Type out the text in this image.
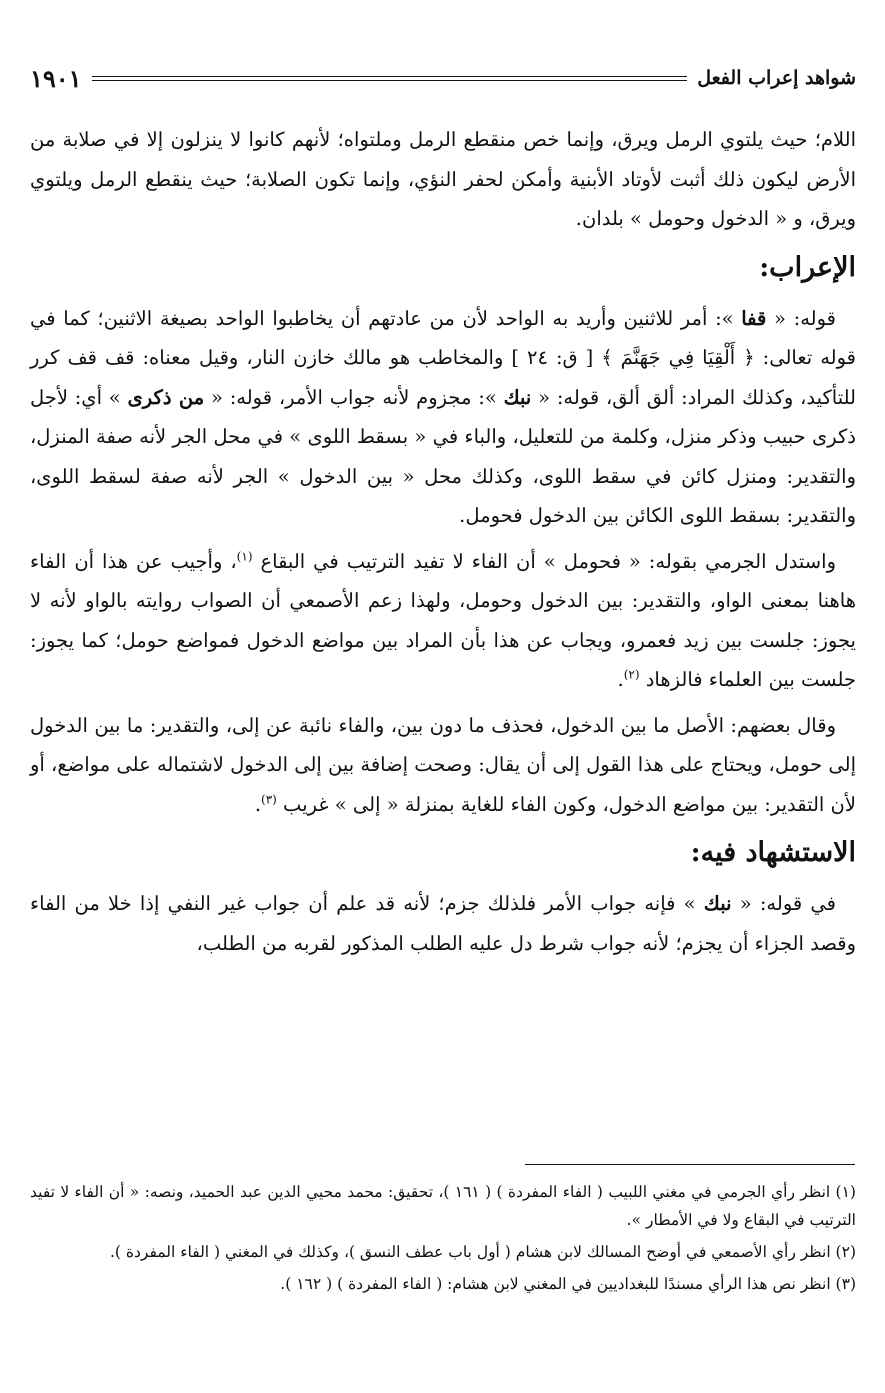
شواهد إعراب الفعل
١٩٠١

اللام؛ حيث يلتوي الرمل ويرق، وإنما خص منقطع الرمل وملتواه؛ لأنهم كانوا لا ينزلون إلا في صلابة من الأرض ليكون ذلك أثبت لأوتاد الأبنية وأمكن لحفر النؤي، وإنما تكون الصلابة؛ حيث ينقطع الرمل ويلتوي ويرق، و « الدخول وحومل » بلدان.

الإعراب:

قوله: « قفا »: أمر للاثنين وأريد به الواحد لأن من عادتهم أن يخاطبوا الواحد بصيغة الاثنين؛ كما في قوله تعالى: ﴿ أَلْقِيَا فِي جَهَنَّمَ ﴾ [ ق: ٢٤ ] والمخاطب هو مالك خازن النار، وقيل معناه: قف قف كرر للتأكيد، وكذلك المراد: ألق ألق، قوله: « نبك »: مجزوم لأنه جواب الأمر، قوله: « من ذكرى » أي: لأجل ذكرى حبيب وذكر منزل، وكلمة من للتعليل، والباء في « بسقط اللوى » في محل الجر لأنه صفة المنزل، والتقدير: ومنزل كائن في سقط اللوى، وكذلك محل « بين الدخول » الجر لأنه صفة لسقط اللوى، والتقدير: بسقط اللوى الكائن بين الدخول فحومل.

واستدل الجرمي بقوله: « فحومل » أن الفاء لا تفيد الترتيب في البقاع $^{(١)}$، وأجيب عن هذا أن الفاء هاهنا بمعنى الواو، والتقدير: بين الدخول وحومل، ولهذا زعم الأصمعي أن الصواب روايته بالواو لأنه لا يجوز: جلست بين زيد فعمرو، ويجاب عن هذا بأن المراد بين مواضع الدخول فمواضع حومل؛ كما يجوز: جلست بين العلماء فالزهاد $^{(٢)}$.

وقال بعضهم: الأصل ما بين الدخول، فحذف ما دون بين، والفاء نائبة عن إلى، والتقدير: ما بين الدخول إلى حومل، ويحتاج على هذا القول إلى أن يقال: وصحت إضافة بين إلى الدخول لاشتماله على مواضع، أو لأن التقدير: بين مواضع الدخول، وكون الفاء للغاية بمنزلة « إلى » غريب $^{(٣)}$.

الاستشهاد فيه:

في قوله: « نبك » فإنه جواب الأمر فلذلك جزم؛ لأنه قد علم أن جواب غير النفي إذا خلا من الفاء وقصد الجزاء أن يجزم؛ لأنه جواب شرط دل عليه الطلب المذكور لقربه من الطلب،

(١) انظر رأي الجرمي في مغني اللبيب ( الفاء المفردة ) ( ١٦١ )، تحقيق: محمد محيي الدين عبد الحميد، ونصه: « أن الفاء لا تفيد الترتيب في البقاع ولا في الأمطار ».

(٢) انظر رأي الأصمعي في أوضح المسالك لابن هشام ( أول باب عطف النسق )، وكذلك في المغني ( الفاء المفردة ).

(٣) انظر نص هذا الرأي مسندًا للبغداديين في المغني لابن هشام: ( الفاء المفردة ) ( ١٦٢ ).
